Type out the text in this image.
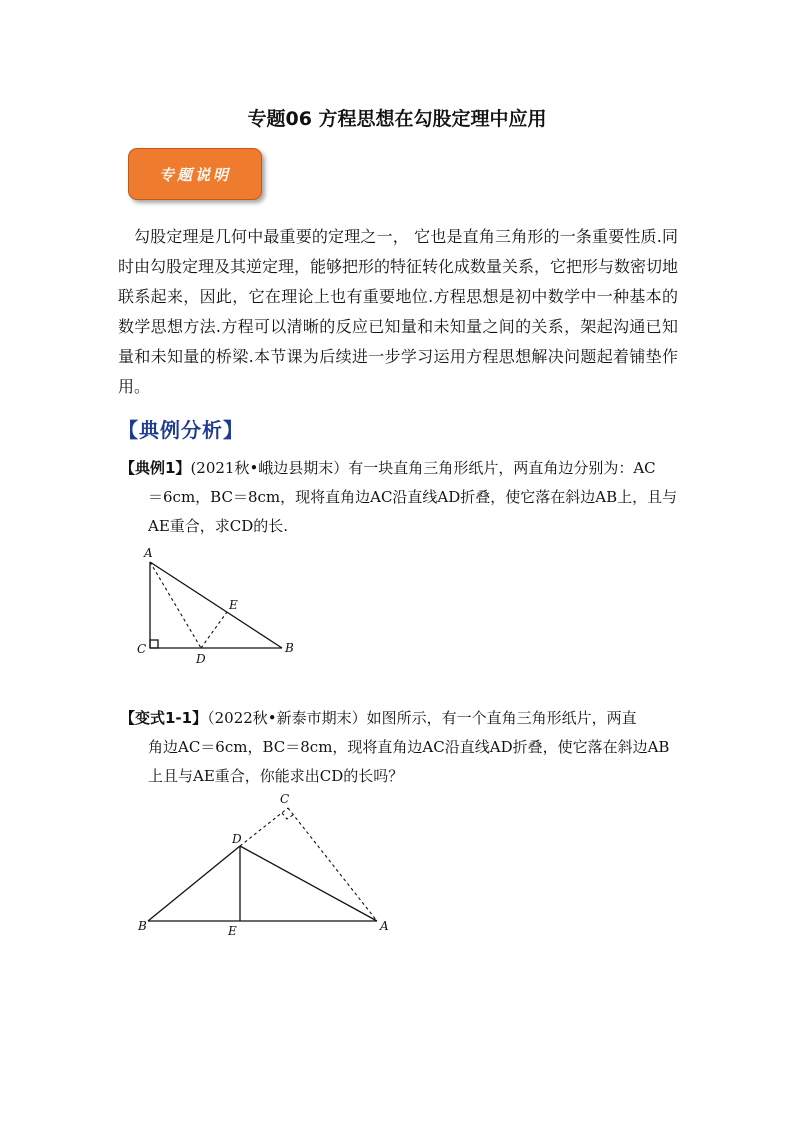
专题06 方程思想在勾股定理中应用
专题说明

勾股定理是几何中最重要的定理之一， 它也是直角三角形的一条重要性质.同时由勾股定理及其逆定理，能够把形的特征转化成数量关系，它把形与数密切地联系起来，因此，它在理论上也有重要地位.方程思想是初中数学中一种基本的数学思想方法.方程可以清晰的反应已知量和未知量之间的关系，架起沟通已知量和未知量的桥梁.本节课为后续进一步学习运用方程思想解决问题起着铺垫作用。

【典例分析】

【典例1】(2021秋•峨边县期末）有一块直角三角形纸片，两直角边分别为：AC
＝6cm，BC＝8cm，现将直角边AC沿直线AD折叠，使它落在斜边AB上，且与AE重合，求CD的长.

A
C
D
E
B

【变式1-1】（2022秋•新泰市期末）如图所示，有一个直角三角形纸片，两直
角边AC＝6cm，BC＝8cm，现将直角边AC沿直线AD折叠，使它落在斜边AB上且与AE重合，你能求出CD的长吗？

C
D
B	E	A
